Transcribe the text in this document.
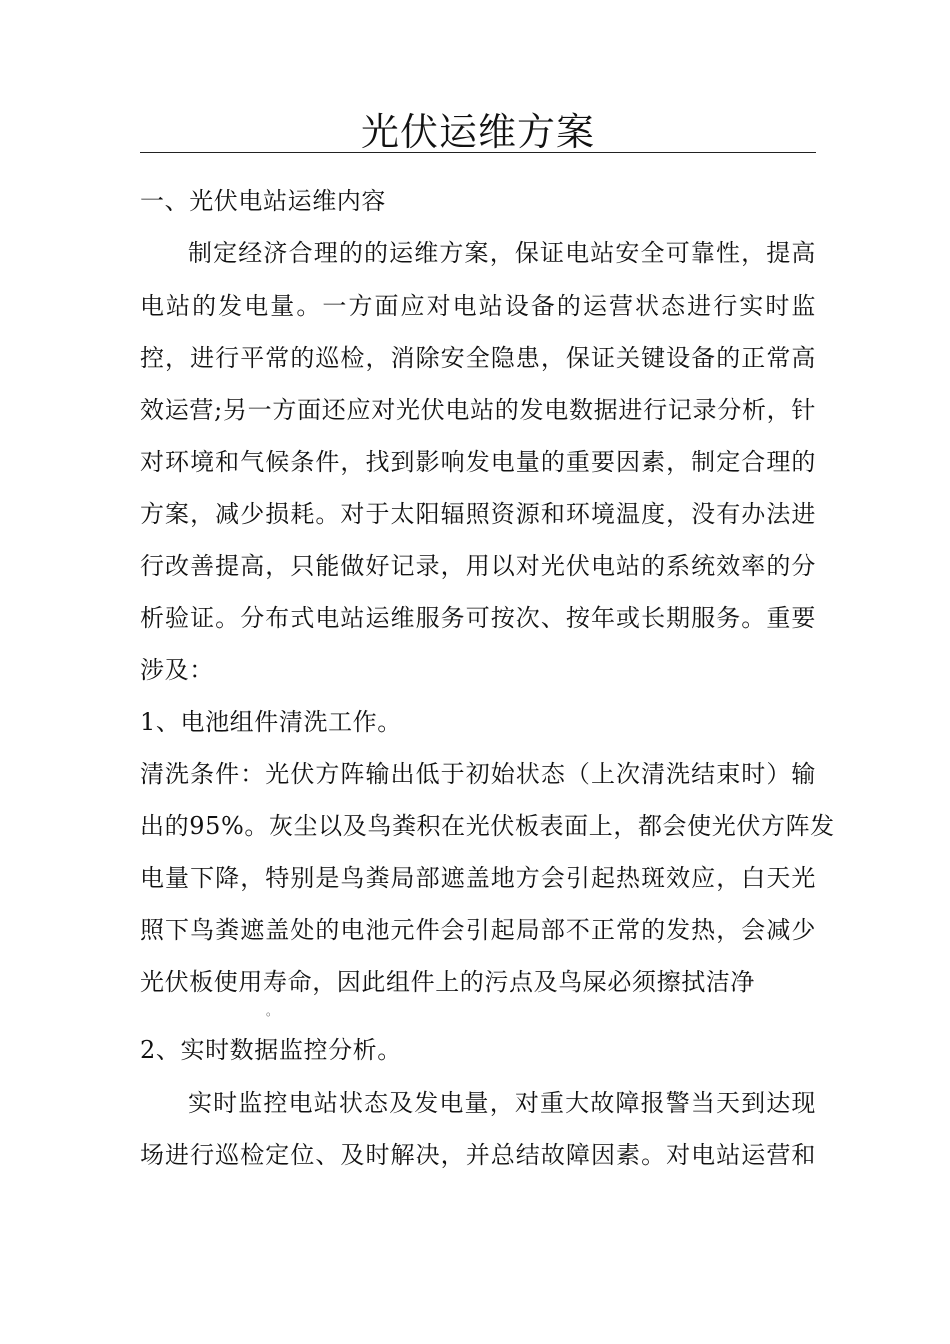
光伏运维方案
一、光伏电站运维内容
制定经济合理的的运维方案，保证电站安全可靠性，提高
电站的发电量。一方面应对电站设备的运营状态进行实时监
控，进行平常的巡检，消除安全隐患，保证关键设备的正常高
效运营;另一方面还应对光伏电站的发电数据进行记录分析，针
对环境和气候条件，找到影响发电量的重要因素，制定合理的
方案，减少损耗。对于太阳辐照资源和环境温度，没有办法进
行改善提高，只能做好记录，用以对光伏电站的系统效率的分
析验证。分布式电站运维服务可按次、按年或长期服务。重要
涉及：
1、电池组件清洗工作。
清洗条件：光伏方阵输出低于初始状态（上次清洗结束时）输
出的95%。灰尘以及鸟粪积在光伏板表面上，都会使光伏方阵发
电量下降，特别是鸟粪局部遮盖地方会引起热斑效应，白天光
照下鸟粪遮盖处的电池元件会引起局部不正常的发热，会减少
光伏板使用寿命，因此组件上的污点及鸟屎必须擦拭洁净
。
2、实时数据监控分析。
实时监控电站状态及发电量，对重大故障报警当天到达现
场进行巡检定位、及时解决，并总结故障因素。对电站运营和
